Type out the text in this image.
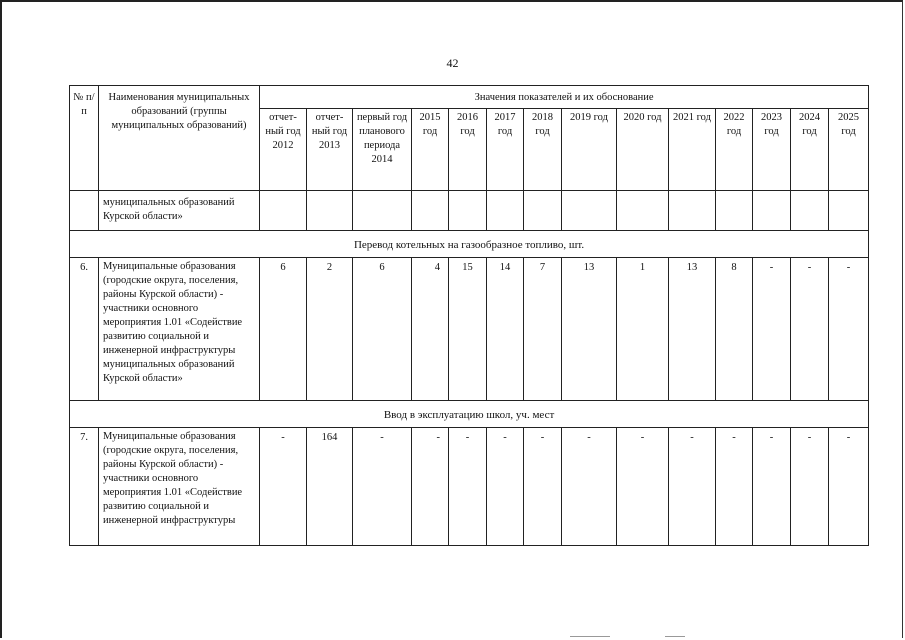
42
№ п/п	Наименования муниципальных образований (группы муниципальных образований)	Значения показателей и их обоснование													
		отчет-ный год 2012	отчет-ный год 2013	первый год планового периода 2014	2015 год	2016 год	2017 год	2018 год	2019 год	2020 год	2021 год	2022 год	2023 год	2024 год	2025 год
	муниципальных образований Курской области»														
Перевод котельных на газообразное топливо, шт.															
6.	Муниципальные образования (городские округа, поселения, районы Курской области) - участники основного мероприятия 1.01 «Содействие развитию социальной и инженерной инфраструктуры муниципальных образований Курской области»	6	2	6	4	15	14	7	13	1	13	8	-	-	-
Ввод в эксплуатацию школ, уч. мест															
7.	Муниципальные образования (городские округа, поселения, районы Курской области) - участники основного мероприятия 1.01 «Содействие развитию социальной и инженерной инфраструктуры	-	164	-	-	-	-	-	-	-	-	-	-	-	-
